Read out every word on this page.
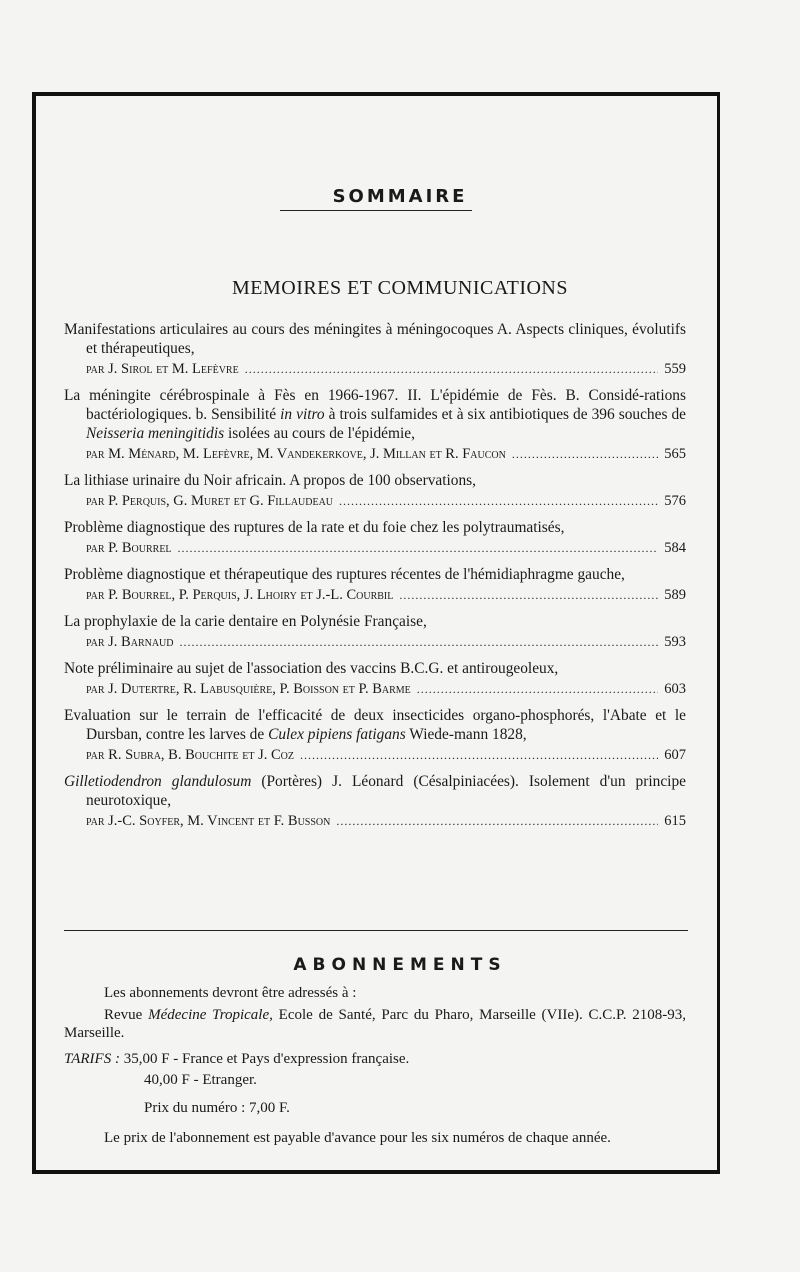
SOMMAIRE
MEMOIRES ET COMMUNICATIONS
Manifestations articulaires au cours des méningites à méningocoques A. Aspects cliniques, évolutifs et thérapeutiques,
par J. Sirol et M. Lefèvre . . .	559
La méningite cérébrospinale à Fès en 1966-1967. II. L'épidémie de Fès. B. Considé-rations bactériologiques. b. Sensibilité in vitro à trois sulfamides et à six antibiotiques de 396 souches de Neisseria meningitidis isolées au cours de l'épidémie,
par M. Ménard, M. Lefèvre, M. Vandekerkove, J. Millan et R. Faucon . . .	565
La lithiase urinaire du Noir africain. A propos de 100 observations,
par P. Perquis, G. Muret et G. Fillaudeau . . .	576
Problème diagnostique des ruptures de la rate et du foie chez les polytraumatisés,
par P. Bourrel . . .	584
Problème diagnostique et thérapeutique des ruptures récentes de l'hémidiaphragme gauche,
par P. Bourrel, P. Perquis, J. Lhoiry et J.-L. Courbil . . .	589
La prophylaxie de la carie dentaire en Polynésie Française,
par J. Barnaud . . .	593
Note préliminaire au sujet de l'association des vaccins B.C.G. et antirougeoleux,
par J. Dutertre, R. Labusquière, P. Boisson et P. Barme . . .	603
Evaluation sur le terrain de l'efficacité de deux insecticides organo-phosphorés, l'Abate et le Dursban, contre les larves de Culex pipiens fatigans Wiede-mann 1828,
par R. Subra, B. Bouchite et J. Coz . . .	607
Gilletiodendron glandulosum (Portères) J. Léonard (Césalpiniacées). Isolement d'un principe neurotoxique,
par J.-C. Soyfer, M. Vincent et F. Busson . . .	615
ABONNEMENTS

Les abonnements devront être adressés à :

Revue Médecine Tropicale, Ecole de Santé, Parc du Pharo, Marseille (VIIe). C.C.P. 2108-93, Marseille.

TARIFS : 35,00 F - France et Pays d'expression française.

40,00 F - Etranger.

Prix du numéro : 7,00 F.

Le prix de l'abonnement est payable d'avance pour les six numéros de chaque année.
